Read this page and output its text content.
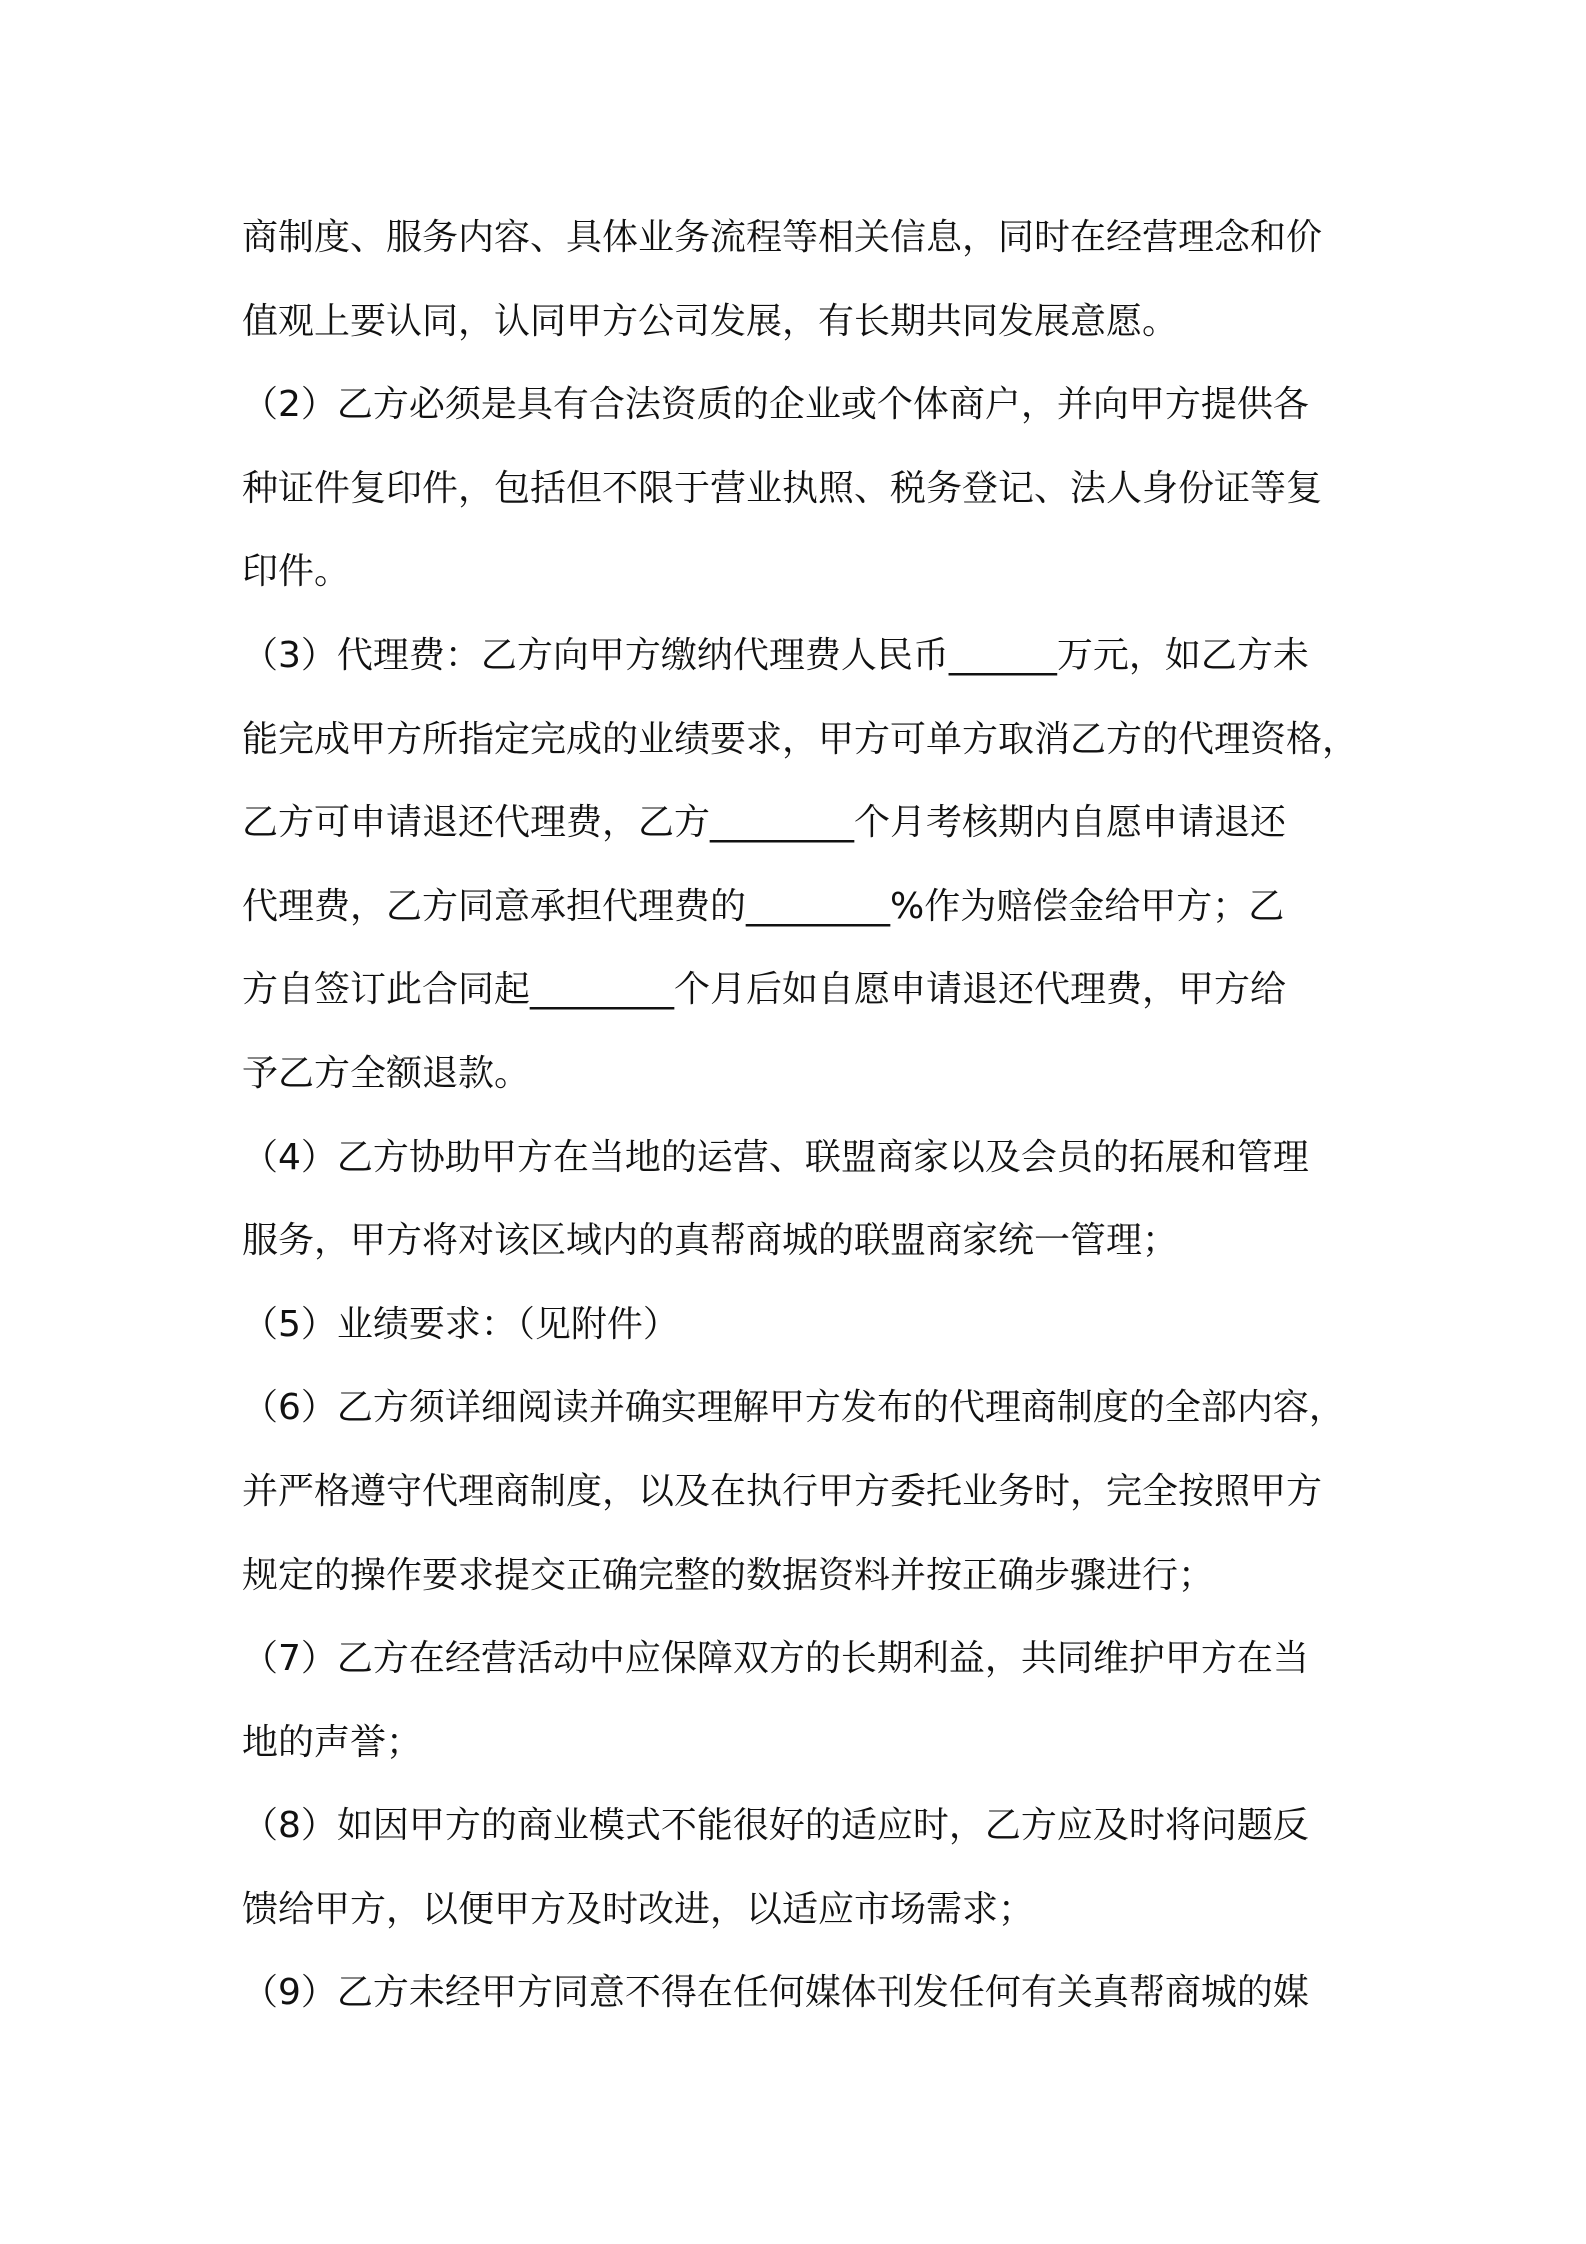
商制度、服务内容、具体业务流程等相关信息，同时在经营理念和价
值观上要认同，认同甲方公司发展，有长期共同发展意愿。

（2）乙方必须是具有合法资质的企业或个体商户，并向甲方提供各
种证件复印件，包括但不限于营业执照、税务登记、法人身份证等复
印件。

（3）代理费：乙方向甲方缴纳代理费人民币______万元，如乙方未
能完成甲方所指定完成的业绩要求，甲方可单方取消乙方的代理资格，
乙方可申请退还代理费，乙方________个月考核期内自愿申请退还
代理费，乙方同意承担代理费的________%作为赔偿金给甲方；乙
方自签订此合同起________个月后如自愿申请退还代理费，甲方给
予乙方全额退款。

（4）乙方协助甲方在当地的运营、联盟商家以及会员的拓展和管理
服务，甲方将对该区域内的真帮商城的联盟商家统一管理；

（5）业绩要求：（见附件）

（6）乙方须详细阅读并确实理解甲方发布的代理商制度的全部内容，
并严格遵守代理商制度，以及在执行甲方委托业务时，完全按照甲方
规定的操作要求提交正确完整的数据资料并按正确步骤进行；

（7）乙方在经营活动中应保障双方的长期利益，共同维护甲方在当
地的声誉；

（8）如因甲方的商业模式不能很好的适应时，乙方应及时将问题反
馈给甲方，以便甲方及时改进，以适应市场需求；

（9）乙方未经甲方同意不得在任何媒体刊发任何有关真帮商城的媒
